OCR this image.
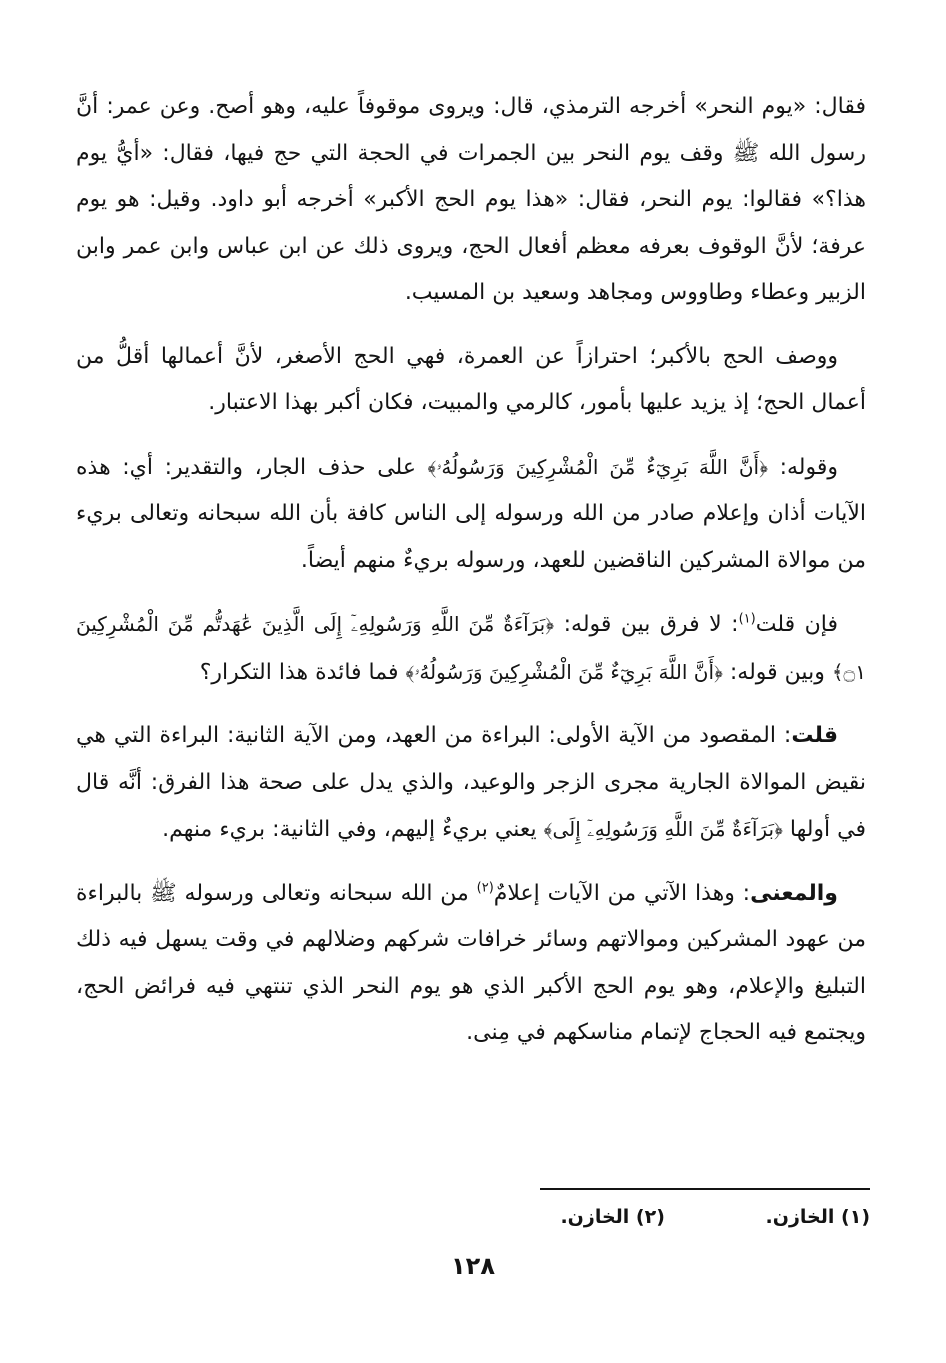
فقال: «يوم النحر» أخرجه الترمذي، قال: ويروى موقوفاً عليه، وهو أصح. وعن عمر: أنَّ رسول الله ﷺ وقف يوم النحر بين الجمرات في الحجة التي حج فيها، فقال: «أيُّ يوم هذا؟» فقالوا: يوم النحر، فقال: «هذا يوم الحج الأكبر» أخرجه أبو داود. وقيل: هو يوم عرفة؛ لأنَّ الوقوف بعرفه معظم أفعال الحج، ويروى ذلك عن ابن عباس وابن عمر وابن الزبير وعطاء وطاووس ومجاهد وسعيد بن المسيب.

ووصف الحج بالأكبر؛ احترازاً عن العمرة، فهي الحج الأصغر، لأنَّ أعمالها أقلُّ من أعمال الحج؛ إذ يزيد عليها بأمور، كالرمي والمبيت، فكان أكبر بهذا الاعتبار.

وقوله: ﴿أَنَّ اللَّهَ بَرِيٓءٌ مِّنَ الْمُشْرِكِينَ وَرَسُولُهُۥ﴾ على حذف الجار، والتقدير: أي: هذه الآيات أذان وإعلام صادر من الله ورسوله إلى الناس كافة بأن الله سبحانه وتعالى بريء من موالاة المشركين الناقضين للعهد، ورسوله بريءٌ منهم أيضاً.

فإن قلت$^{(١)}$: لا فرق بين قوله: ﴿بَرَآءَةٌ مِّنَ اللَّهِ وَرَسُولِهِۦٓ إِلَى الَّذِينَ عَٰهَدتُّم مِّنَ الْمُشْرِكِينَ ۝١﴾ وبين قوله: ﴿أَنَّ اللَّهَ بَرِيٓءٌ مِّنَ الْمُشْرِكِينَ وَرَسُولُهُۥ﴾ فما فائدة هذا التكرار؟

قلت: المقصود من الآية الأولى: البراءة من العهد، ومن الآية الثانية: البراءة التي هي نقيض الموالاة الجارية مجرى الزجر والوعيد، والذي يدل على صحة هذا الفرق: أنَّه قال في أولها ﴿بَرَآءَةٌ مِّنَ اللَّهِ وَرَسُولِهِۦٓ إِلَى﴾ يعني بريءٌ إليهم، وفي الثانية: بريء منهم.

والمعنى: وهذا الآتي من الآيات إعلامٌ$^{(٢)}$ من الله سبحانه وتعالى ورسوله ﷺ بالبراءة من عهود المشركين وموالاتهم وسائر خرافات شركهم وضلالهم في وقت يسهل فيه ذلك التبليغ والإعلام، وهو يوم الحج الأكبر الذي هو يوم النحر الذي تنتهي فيه فرائض الحج، ويجتمع فيه الحجاج لإتمام مناسكهم في مِنى.

(١) الخازن. (٢) الخازن.
١٢٨
